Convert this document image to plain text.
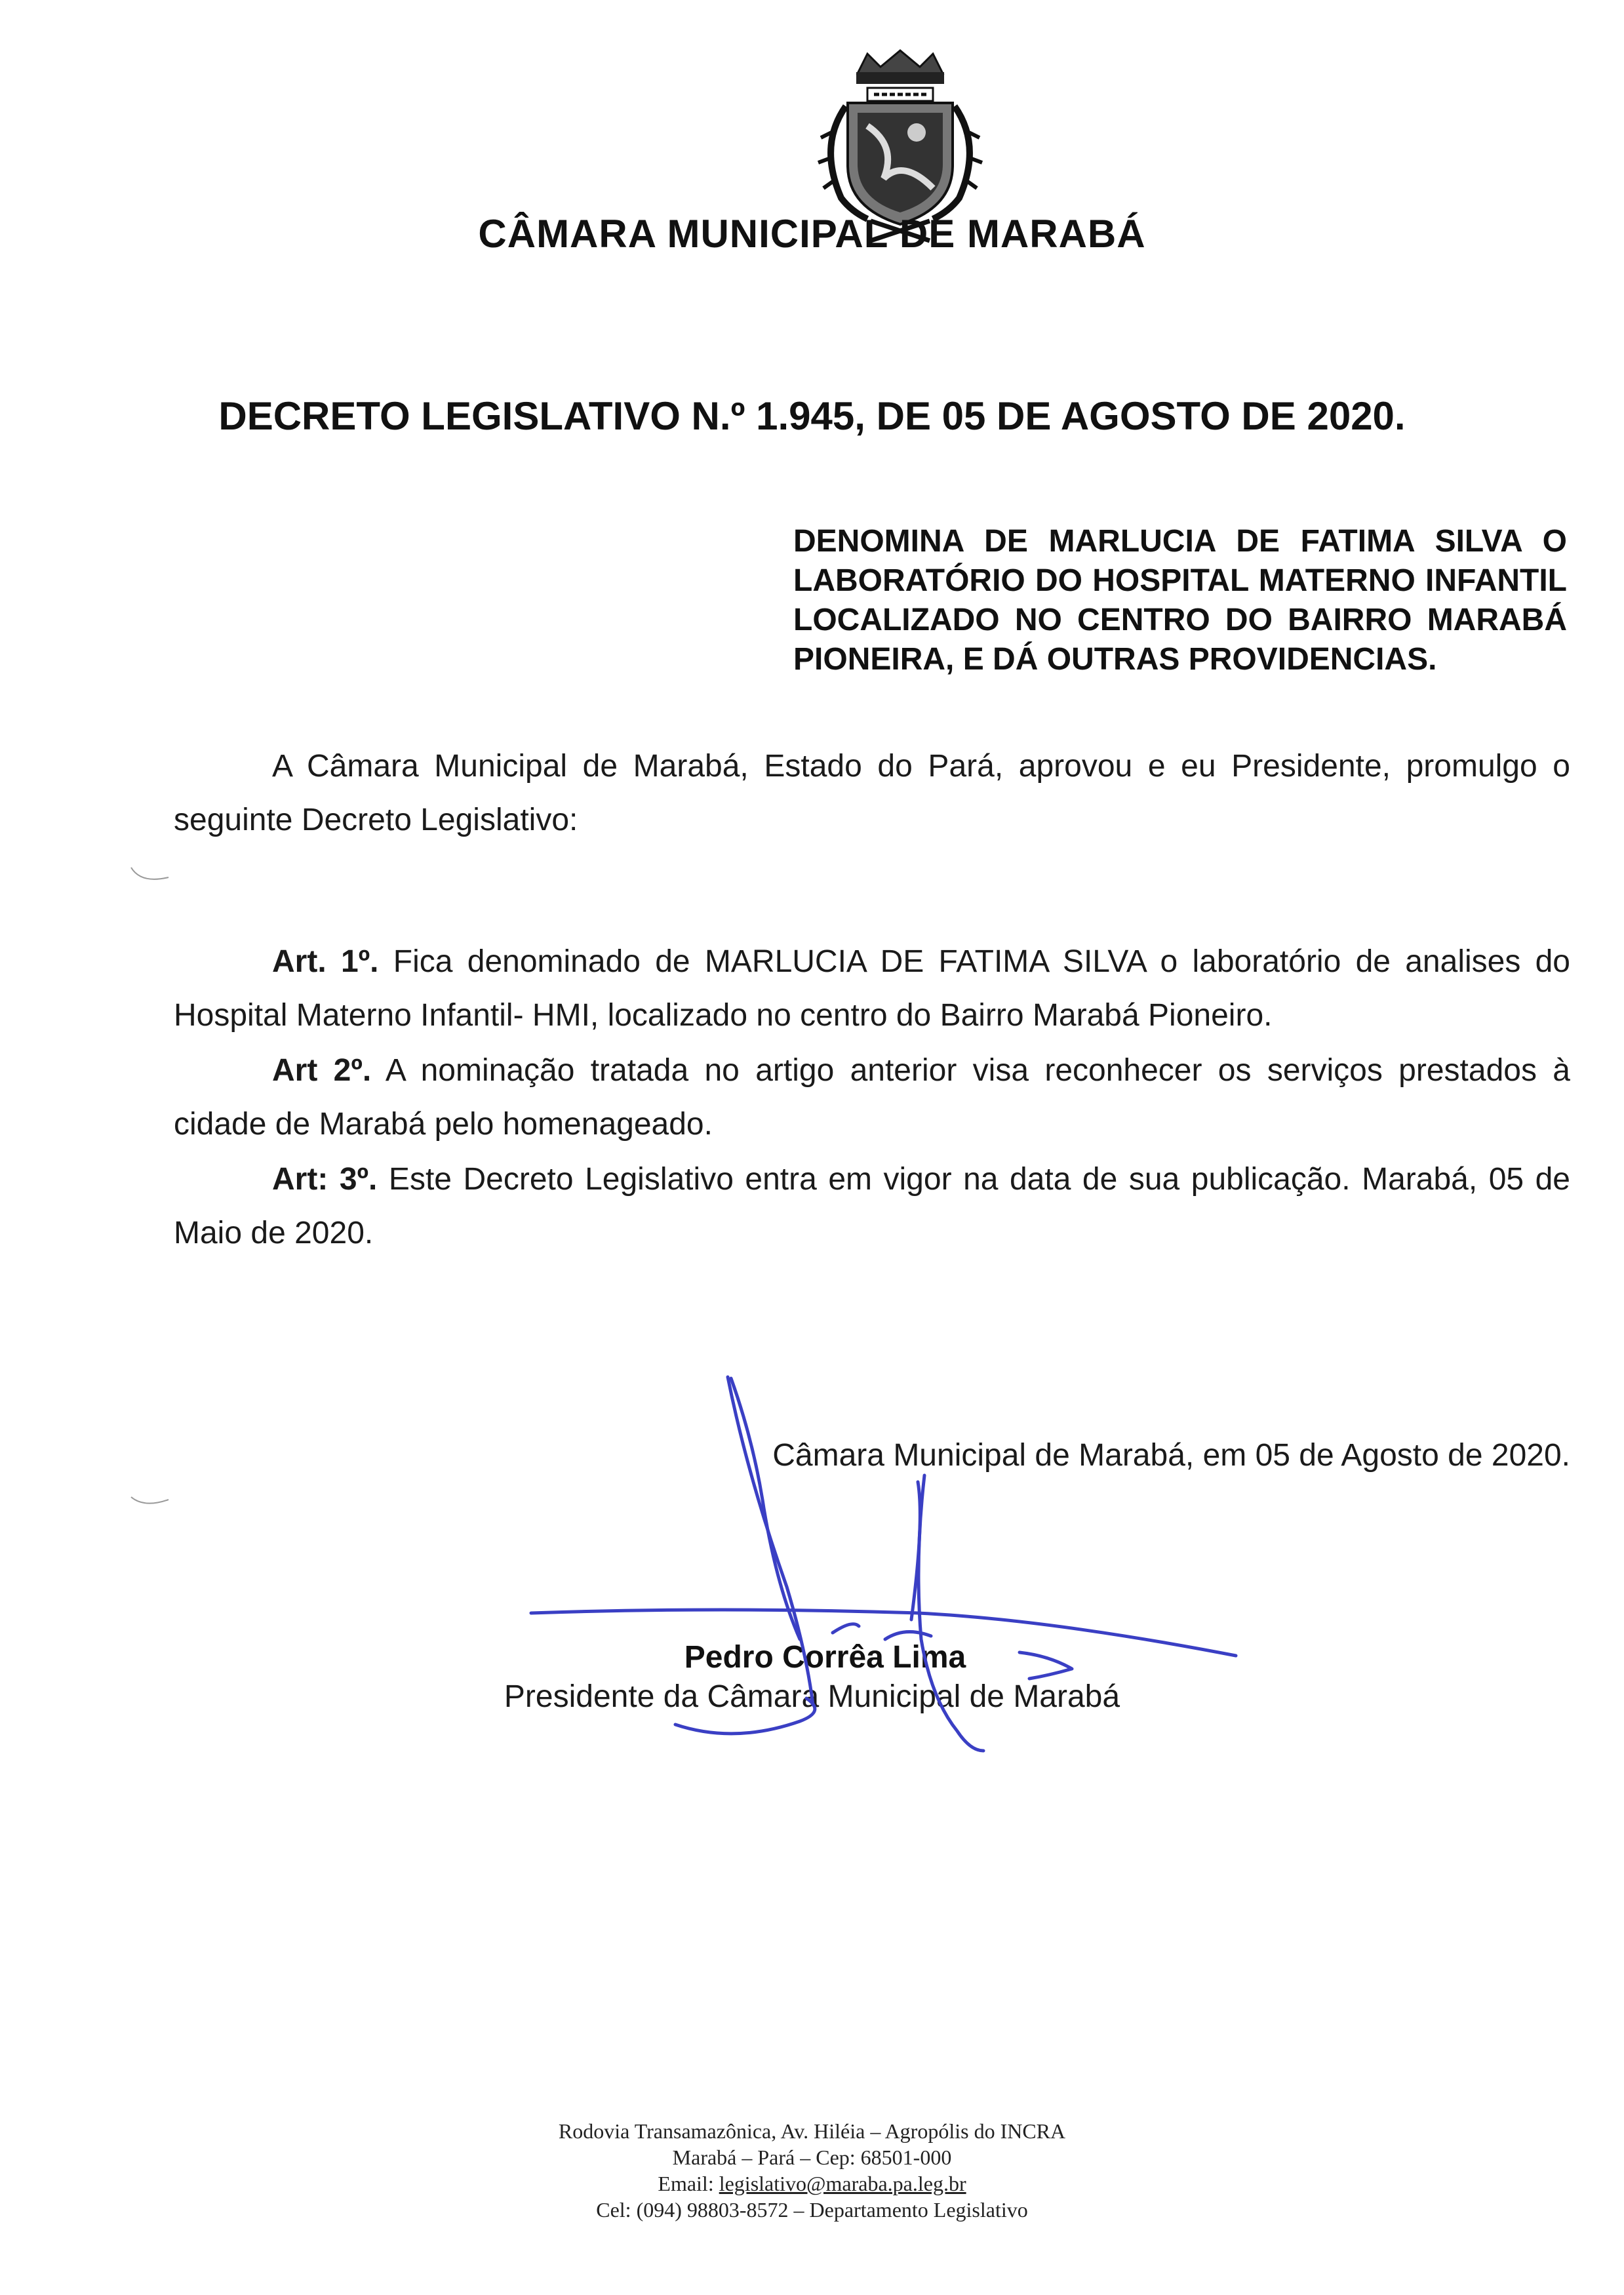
CÂMARA MUNICIPAL DE MARABÁ
DECRETO LEGISLATIVO N.º 1.945, DE 05 DE AGOSTO DE 2020.
DENOMINA DE MARLUCIA DE FATIMA SILVA O LABORATÓRIO DO HOSPITAL MATERNO INFANTIL LOCALIZADO NO CENTRO DO BAIRRO MARABÁ PIONEIRA, E DÁ OUTRAS PROVIDENCIAS.

A Câmara Municipal de Marabá, Estado do Pará, aprovou e eu Presidente, promulgo o seguinte Decreto Legislativo:

Art. 1º. Fica denominado de MARLUCIA DE FATIMA SILVA o laboratório de analises do Hospital Materno Infantil- HMI, localizado no centro do Bairro Marabá Pioneiro.

Art 2º. A nominação tratada no artigo anterior visa reconhecer os serviços prestados à cidade de Marabá pelo homenageado.

Art: 3º. Este Decreto Legislativo entra em vigor na data de sua publicação. Marabá, 05 de Maio de 2020.

Câmara Municipal de Marabá, em 05 de Agosto de 2020.
Pedro Corrêa Lima
Presidente da Câmara Municipal de Marabá
Rodovia Transamazônica, Av. Hiléia – Agropólis do INCRA
Marabá – Pará – Cep: 68501-000
Email: legislativo@maraba.pa.leg.br
Cel: (094) 98803-8572 – Departamento Legislativo
